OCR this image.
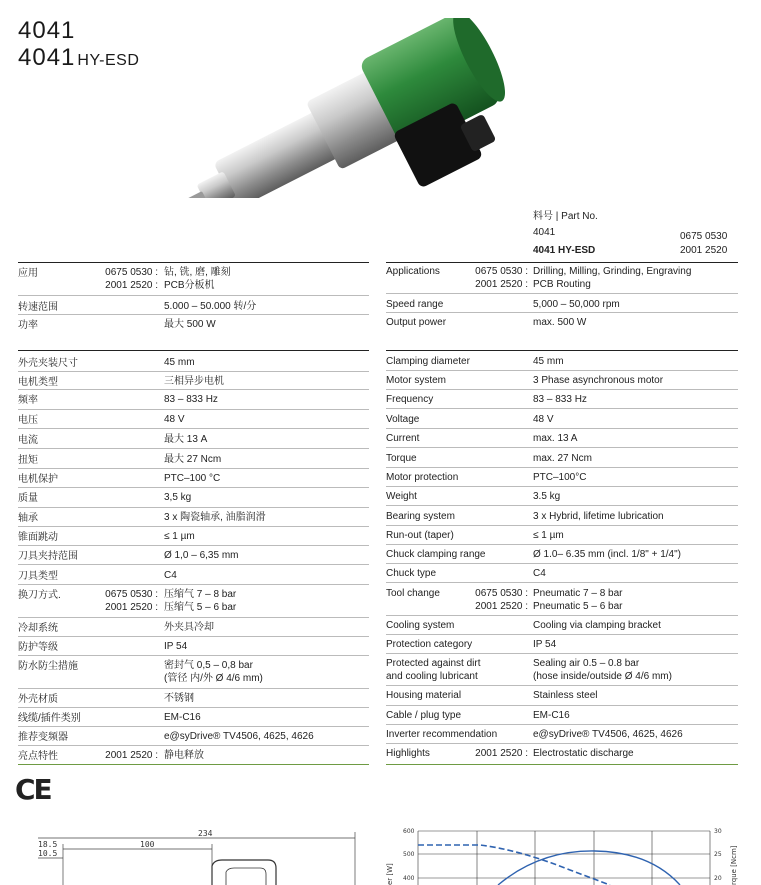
4041
4041 HY-ESD
料号 | Part No.
4041	0675 0530
4041 HY-ESD	2001 2520
应用	0675 0530 : 钻, 铣, 磨, 雕刻
2001 2520 : PCB分板机
转速范围	5.000 – 50.000 转/分
功率	最大 500 W
外壳夹装尺寸	45 mm
电机类型	三相异步电机
频率	83 – 833 Hz
电压	48 V
电流	最大 13 A
扭矩	最大 27 Ncm
电机保护	PTC–100 °C
质量	3,5 kg
轴承	3 x 陶瓷轴承, 油脂润滑
锥面跳动	≤ 1 µm
刀具夹持范围	Ø 1,0 – 6,35 mm
刀具类型	C4
换刀方式.	0675 0530 : 压缩气 7 – 8 bar
2001 2520 : 压缩气 5 – 6 bar
冷却系统	外夹具冷却
防护等级	IP 54
防水防尘措施	密封气 0,5 – 0,8 bar
(管径 内/外 Ø 4/6 mm)
外壳材质	不锈钢
线缆/插件类别	EM-C16
推荐变频器	e@syDrive® TV4506, 4625, 4626
亮点特性	2001 2520 : 静电释放
Applications	0675 0530 : Drilling, Milling, Grinding, Engraving
2001 2520 : PCB Routing
Speed range	5,000 – 50,000 rpm
Output power	max. 500 W
Clamping diameter	45 mm
Motor system	3 Phase asynchronous motor
Frequency	83 – 833 Hz
Voltage	48 V
Current	max. 13 A
Torque	max. 27 Ncm
Motor protection	PTC–100°C
Weight	3.5 kg
Bearing system	3 x Hybrid, lifetime lubrication
Run-out (taper)	≤ 1 µm
Chuck clamping range	Ø 1.0– 6.35 mm (incl. 1/8" + 1/4")
Chuck type	C4
Tool change	0675 0530 : Pneumatic 7 – 8 bar
2001 2520 : Pneumatic 5 – 6 bar
Cooling system	Cooling via clamping bracket
Protection category	IP 54
Protected against dirt
and cooling lubricant
Sealing air 0.5 – 0.8 bar
(hose inside/outside Ø 4/6 mm)
Housing material	Stainless steel
Cable / plug type	EM-C16
Inverter recommendation	e@syDrive® TV4506, 4625, 4626
Highlights	2001 2520 : Electrostatic discharge
CE
234
100
18.5
10.5
600
500
400
30
25
20
er [W]	rque [Ncm]
